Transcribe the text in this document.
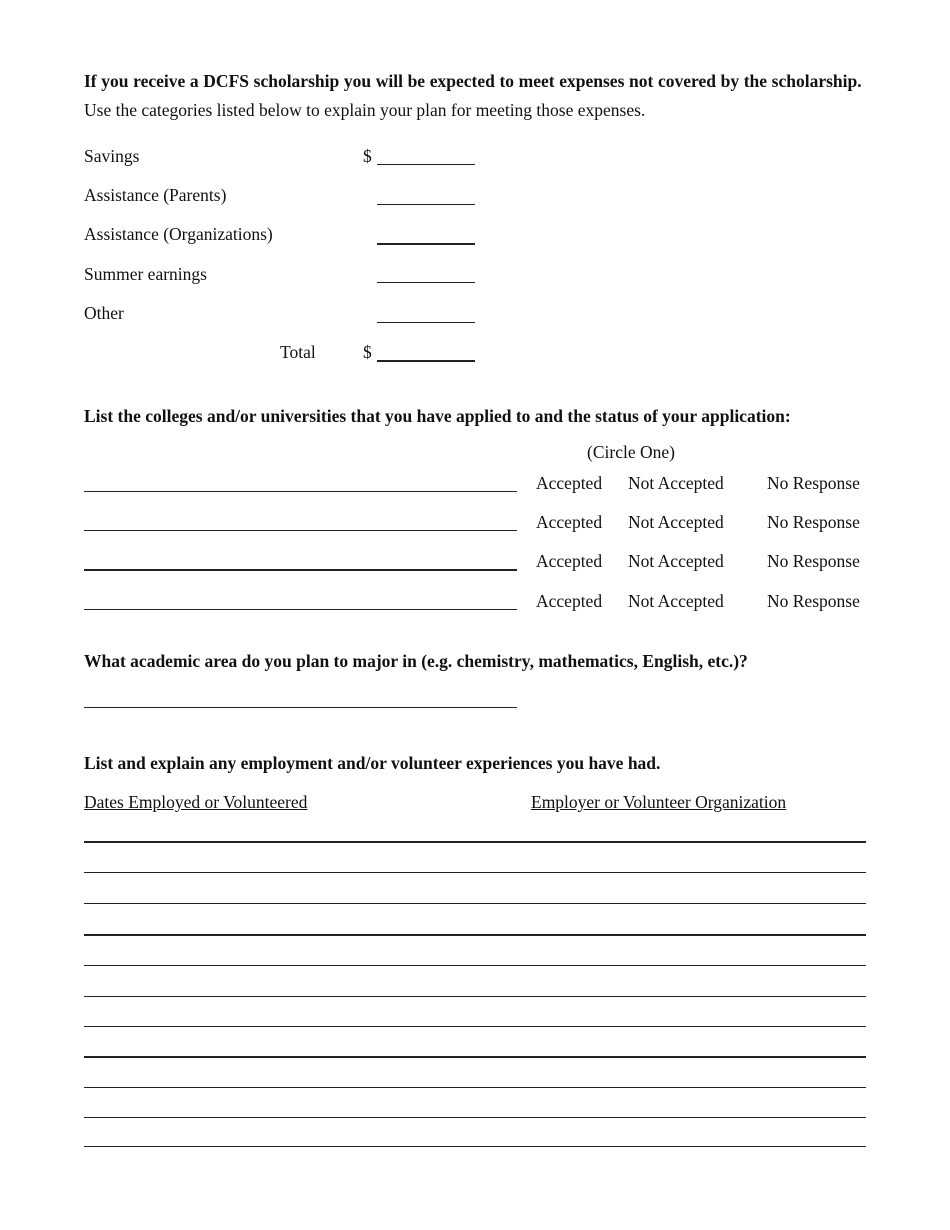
If you receive a DCFS scholarship you will be expected to meet expenses not covered by the scholarship.  Use the categories listed below to explain your plan for meeting those expenses.
Savings	$
Assistance (Parents)
Assistance (Organizations)
Summer earnings
Other
Total	$
List the colleges and/or universities that you have applied to and the status of your application:
(Circle One)
Accepted Not Accepted No Response
Accepted Not Accepted No Response
Accepted Not Accepted No Response
Accepted Not Accepted No Response
What academic area do you plan to major in (e.g. chemistry, mathematics, English, etc.)?
List and explain any employment and/or volunteer experiences you have had.
Dates Employed or Volunteered	Employer or Volunteer Organization
